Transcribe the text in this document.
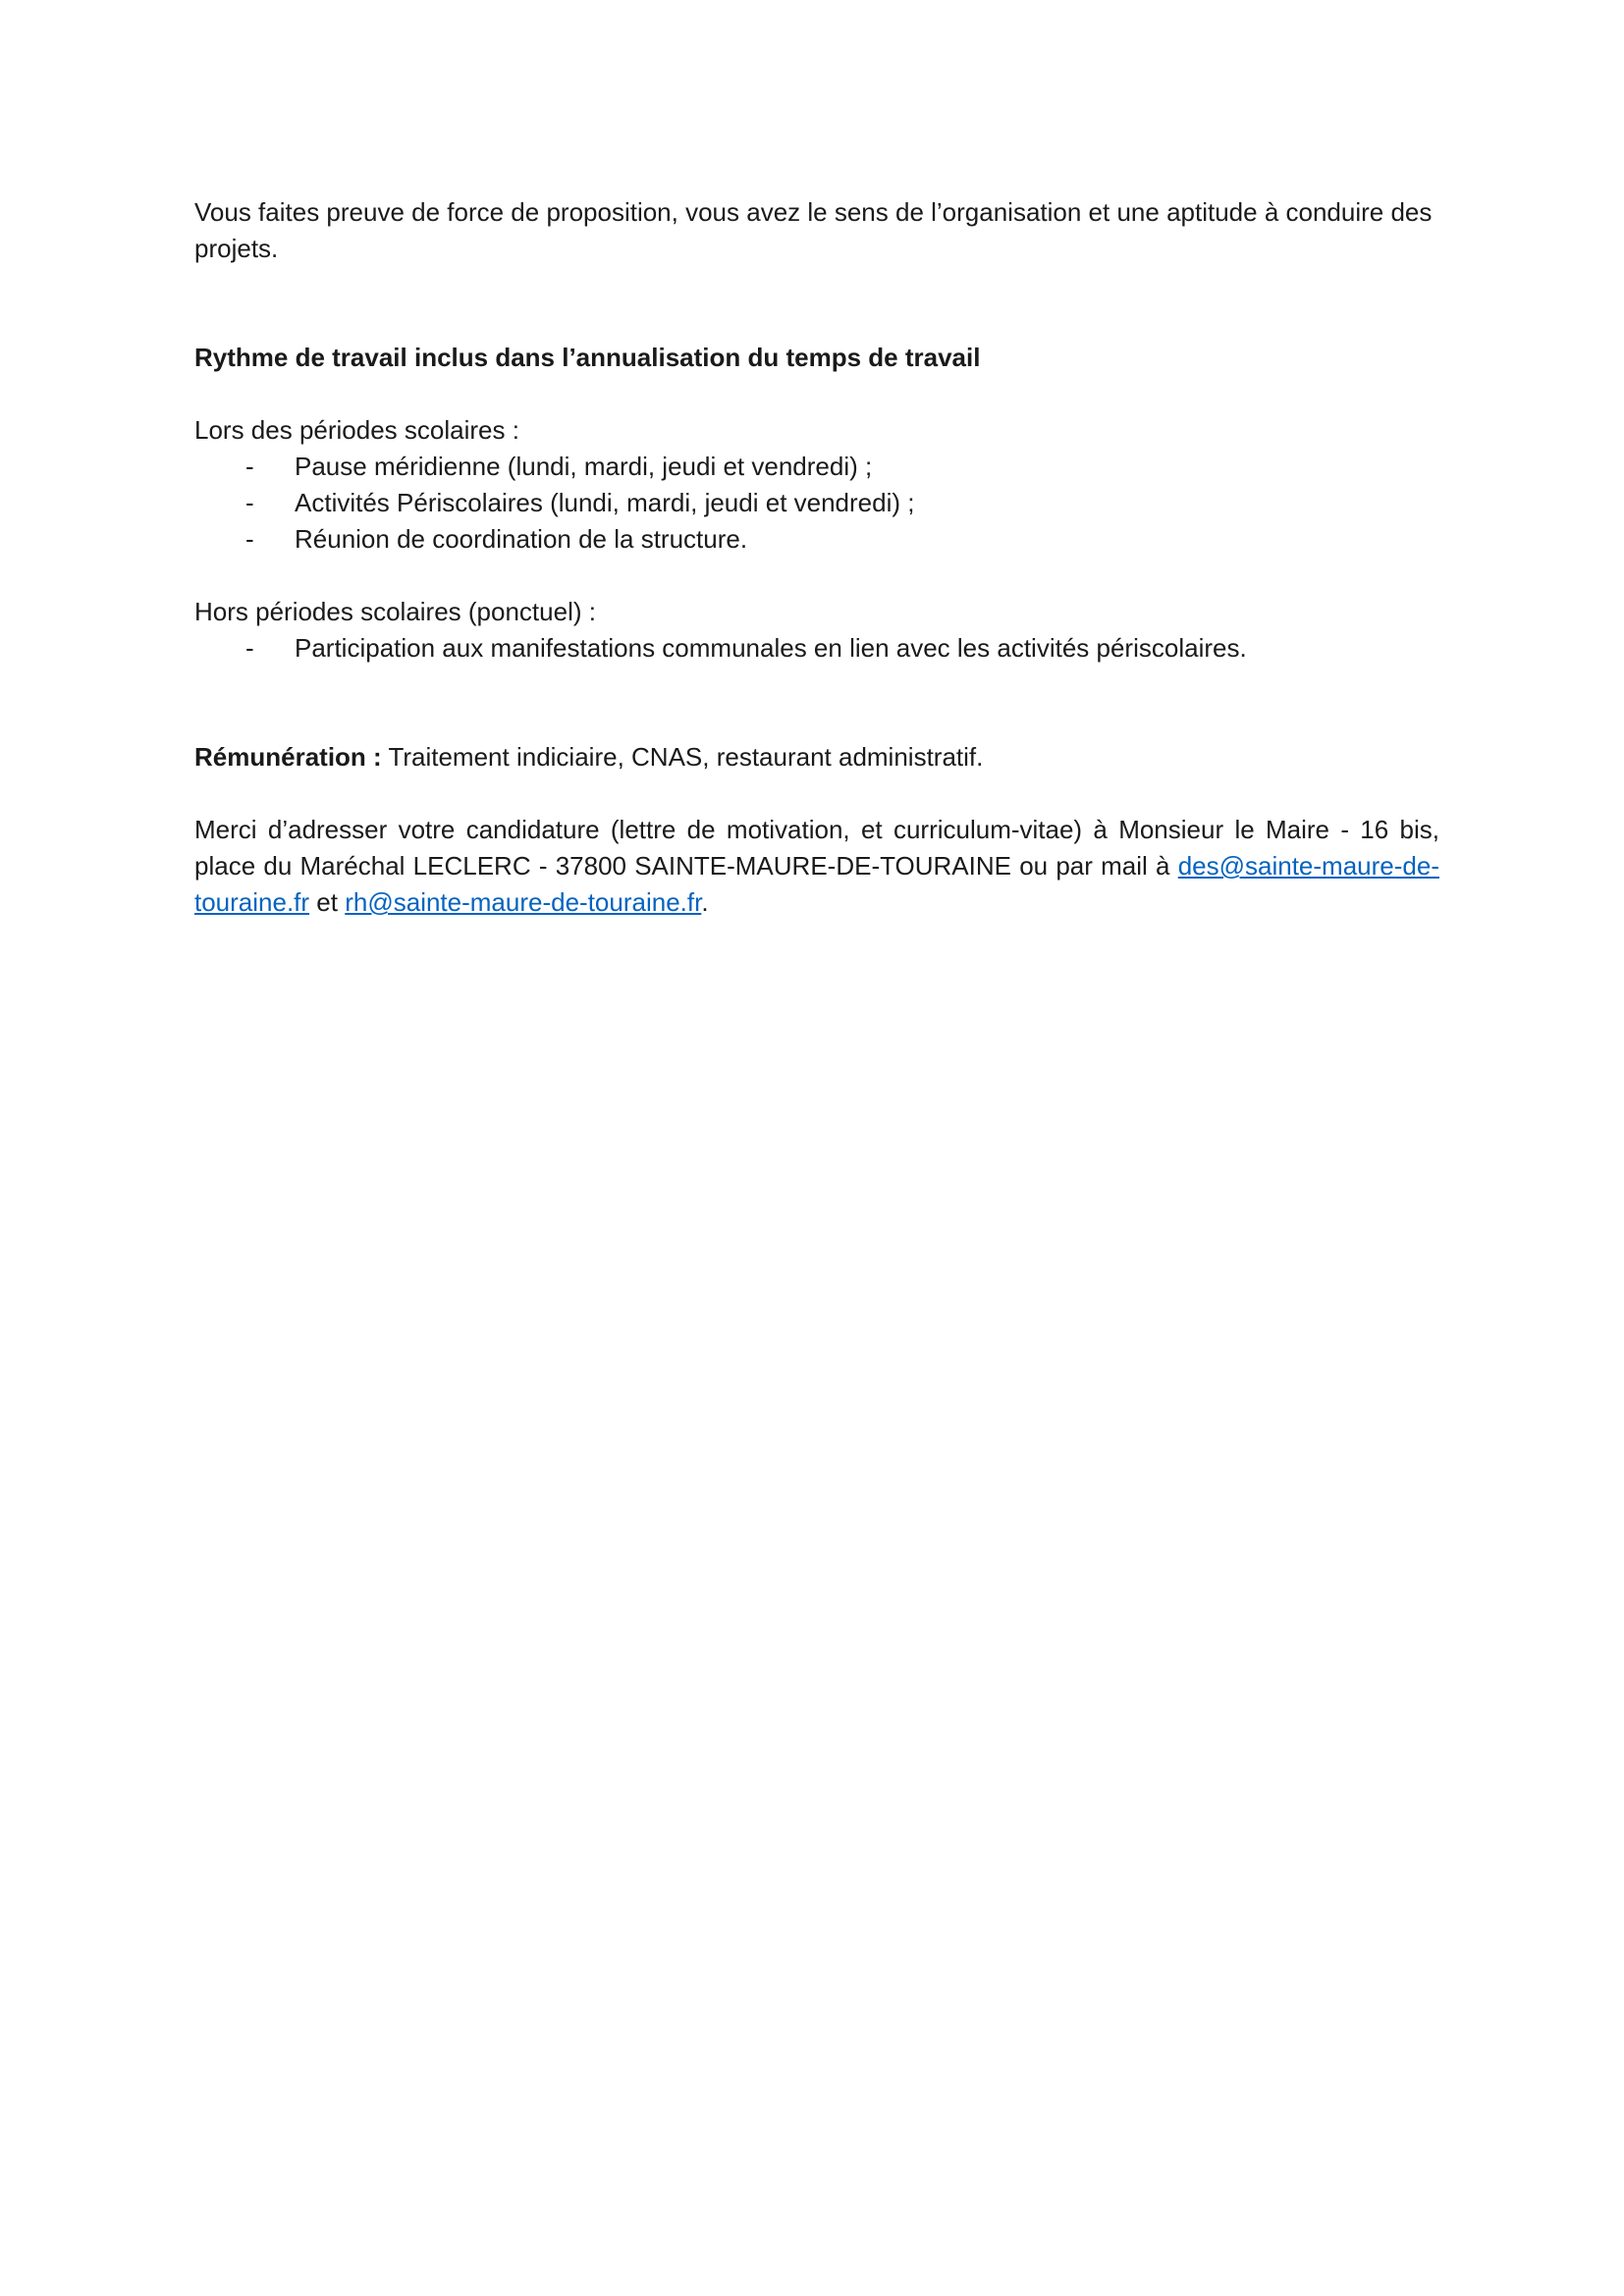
Vous faites preuve de force de proposition, vous avez le sens de l’organisation et une aptitude à conduire des projets.

Rythme de travail inclus dans l’annualisation du temps de travail

Lors des périodes scolaires :

- Pause méridienne (lundi, mardi, jeudi et vendredi) ;
- Activités Périscolaires (lundi, mardi, jeudi et vendredi) ;
- Réunion de coordination de la structure.

Hors périodes scolaires (ponctuel) :

- Participation aux manifestations communales en lien avec les activités périscolaires.

Rémunération : Traitement indiciaire, CNAS, restaurant administratif.

Merci d’adresser votre candidature (lettre de motivation, et curriculum-vitae) à Monsieur le Maire - 16 bis, place du Maréchal LECLERC - 37800 SAINTE-MAURE-DE-TOURAINE ou par mail à des@sainte-maure-de-touraine.fr et rh@sainte-maure-de-touraine.fr.
